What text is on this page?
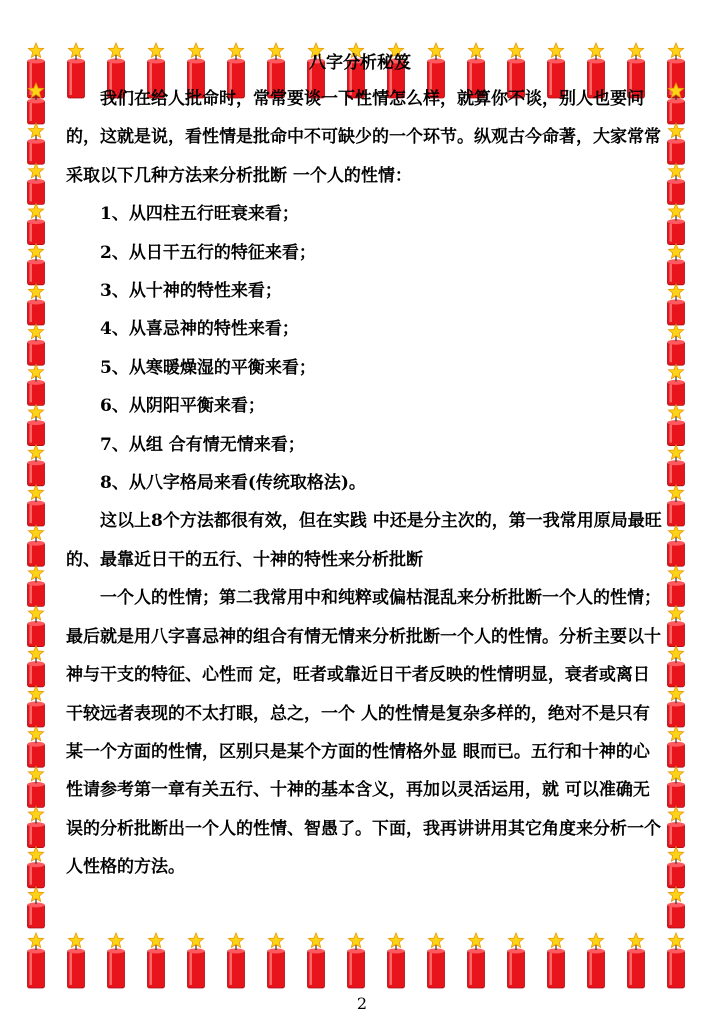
八字分析秘笈

我们在给人批命时，常常要谈一下性情怎么样，就算你不谈，别人也要问的，这就是说，看性情是批命中不可缺少的一个环节。纵观古今命著，大家常常采取以下几种方法来分析批断 一个人的性情：

1、从四柱五行旺衰来看；

2、从日干五行的特征来看；

3、从十神的特性来看；

4、从喜忌神的特性来看；

5、从寒暖燥湿的平衡来看；

6、从阴阳平衡来看；

7、从组 合有情无情来看；

8、从八字格局来看(传统取格法)。

这以上8个方法都很有效，但在实践 中还是分主次的，第一我常用原局最旺的、最靠近日干的五行、十神的特性来分析批断

一个人的性情；第二我常用中和纯粹或偏枯混乱来分析批断一个人的性情；最后就是用八字喜忌神的组合有情无情来分析批断一个人的性情。分析主要以十神与干支的特征、心性而 定，旺者或靠近日干者反映的性情明显，衰者或离日干较远者表现的不太打眼，总之，一个 人的性情是复杂多样的，绝对不是只有某一个方面的性情，区别只是某个方面的性情格外显 眼而已。五行和十神的心性请参考第一章有关五行、十神的基本含义，再加以灵活运用，就 可以准确无误的分析批断出一个人的性情、智愚了。下面，我再讲讲用其它角度来分析一个人性格的方法。

2
